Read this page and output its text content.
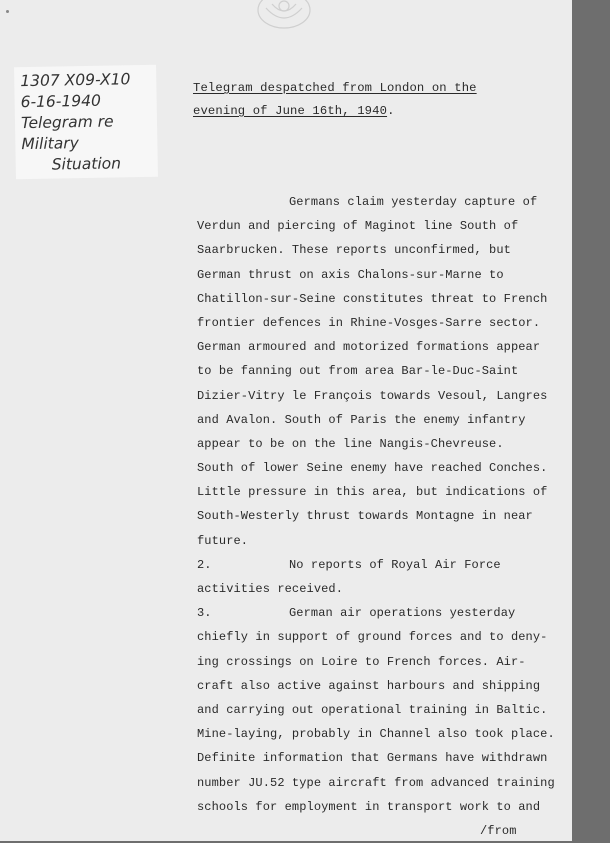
1307 X09-X10
6-16-1940
Telegram re
Military
Situation
Telegram despatched from London on the
evening of June 16th, 1940.
Germans claim yesterday capture of
Verdun and piercing of Maginot line South of
Saarbrucken. These reports unconfirmed, but
German thrust on axis Chalons-sur-Marne to
Chatillon-sur-Seine constitutes threat to French
frontier defences in Rhine-Vosges-Sarre sector.
German armoured and motorized formations appear
to be fanning out from area Bar-le-Duc-Saint
Dizier-Vitry le François towards Vesoul, Langres
and Avalon. South of Paris the enemy infantry
appear to be on the line Nangis-Chevreuse.
South of lower Seine enemy have reached Conches.
Little pressure in this area, but indications of
South-Westerly thrust towards Montagne in near
future.
2.	No reports of Royal Air Force
activities received.
3.	German air operations yesterday
chiefly in support of ground forces and to deny-
ing crossings on Loire to French forces. Air-
craft also active against harbours and shipping
and carrying out operational training in Baltic.
Mine-laying, probably in Channel also took place.
Definite information that Germans have withdrawn
number JU.52 type aircraft from advanced training
schools for employment in transport work to and
/from
